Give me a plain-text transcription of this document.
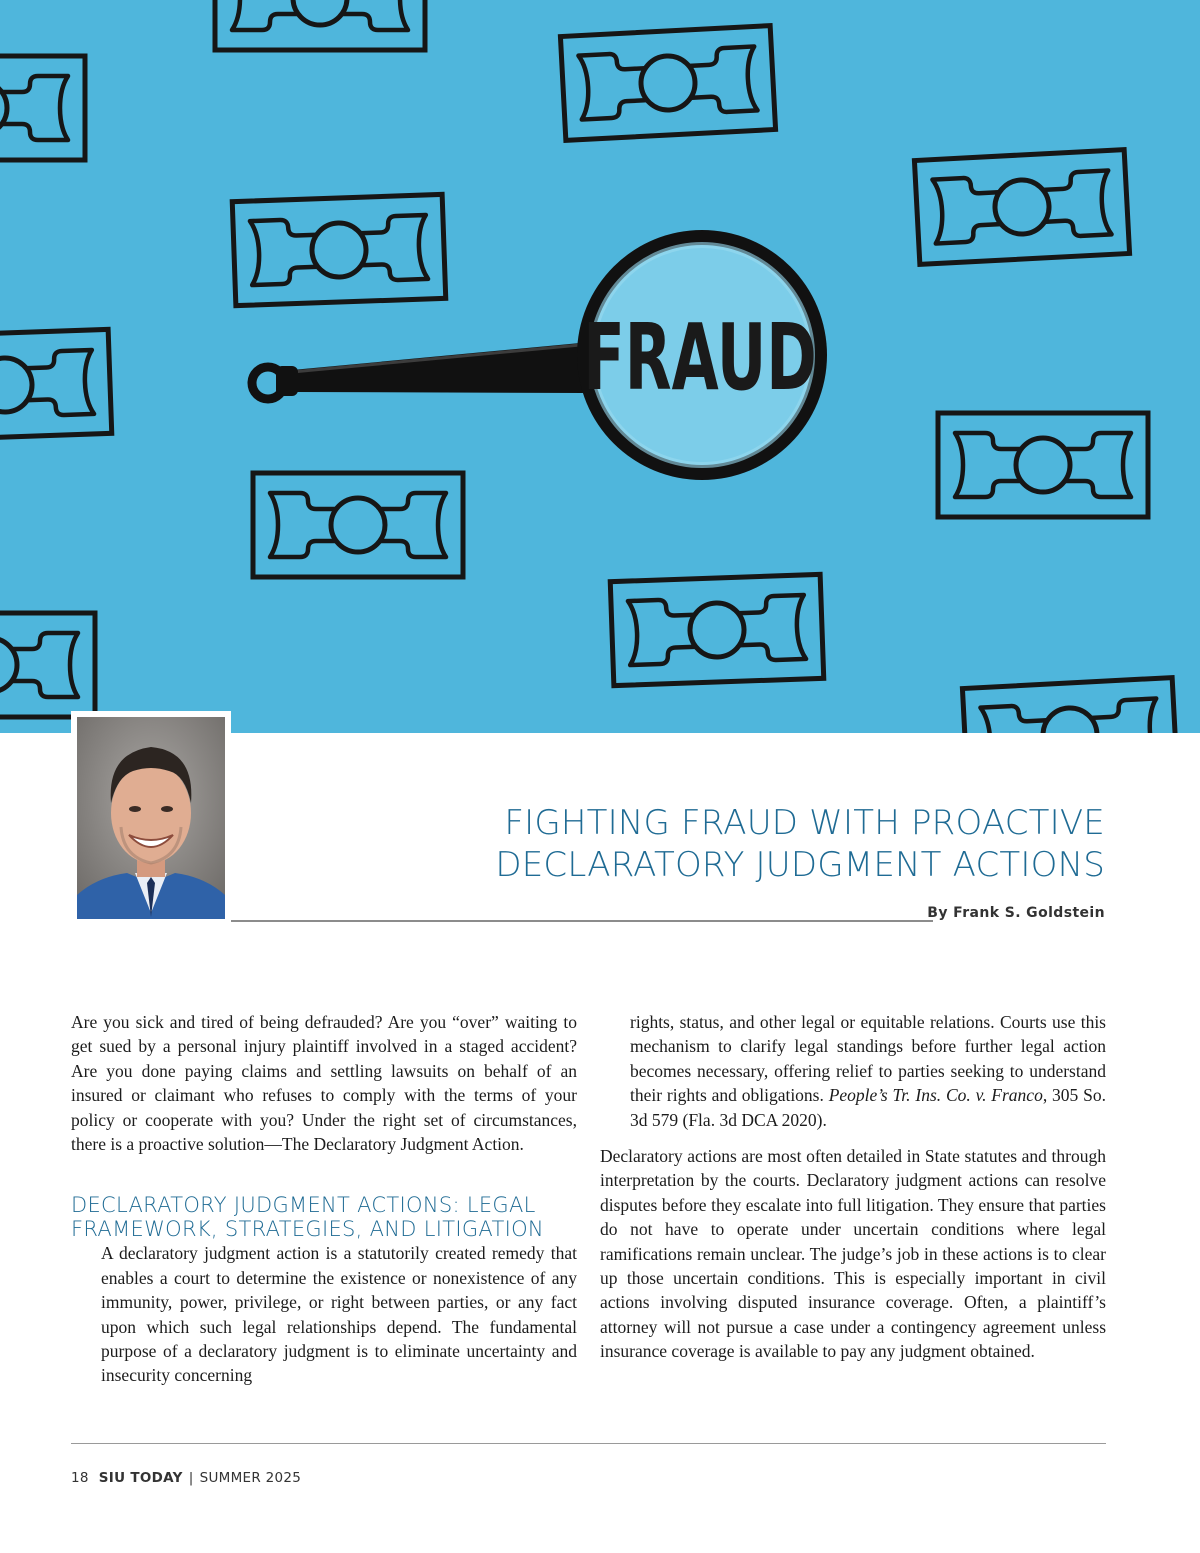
FRAUD
FIGHTING FRAUD WITH PROACTIVE
DECLARATORY JUDGMENT ACTIONS
By Frank S. Goldstein

Are you sick and tired of being defrauded? Are you “over” waiting to get sued by a personal injury plaintiff involved in a staged accident? Are you done paying claims and settling lawsuits on behalf of an insured or claimant who refuses to comply with the terms of your policy or cooperate with you? Under the right set of circumstances, there is a proactive solution—The Declaratory Judgment Action.

DECLARATORY JUDGMENT ACTIONS: LEGAL
FRAMEWORK, STRATEGIES, AND LITIGATION

A declaratory judgment action is a statutorily created remedy that enables a court to determine the existence or nonexistence of any immunity, power, privilege, or right between parties, or any fact upon which such legal relationships depend. The fundamental purpose of a declaratory judgment is to eliminate uncertainty and insecurity concerning

rights, status, and other legal or equitable relations. Courts use this mechanism to clarify legal standings before further legal action becomes necessary, offering relief to parties seeking to understand their rights and obligations. People’s Tr. Ins. Co. v. Franco, 305 So. 3d 579 (Fla. 3d DCA 2020).

Declaratory actions are most often detailed in State statutes and through interpretation by the courts. Declaratory judgment actions can resolve disputes before they escalate into full litigation. They ensure that parties do not have to operate under uncertain conditions where legal ramifications remain unclear. The judge’s job in these actions is to clear up those uncertain conditions. This is especially important in civil actions involving disputed insurance coverage. Often, a plaintiff’s attorney will not pursue a case under a contingency agreement unless insurance coverage is available to pay any judgment obtained.

18 SIU TODAY | SUMMER 2025
